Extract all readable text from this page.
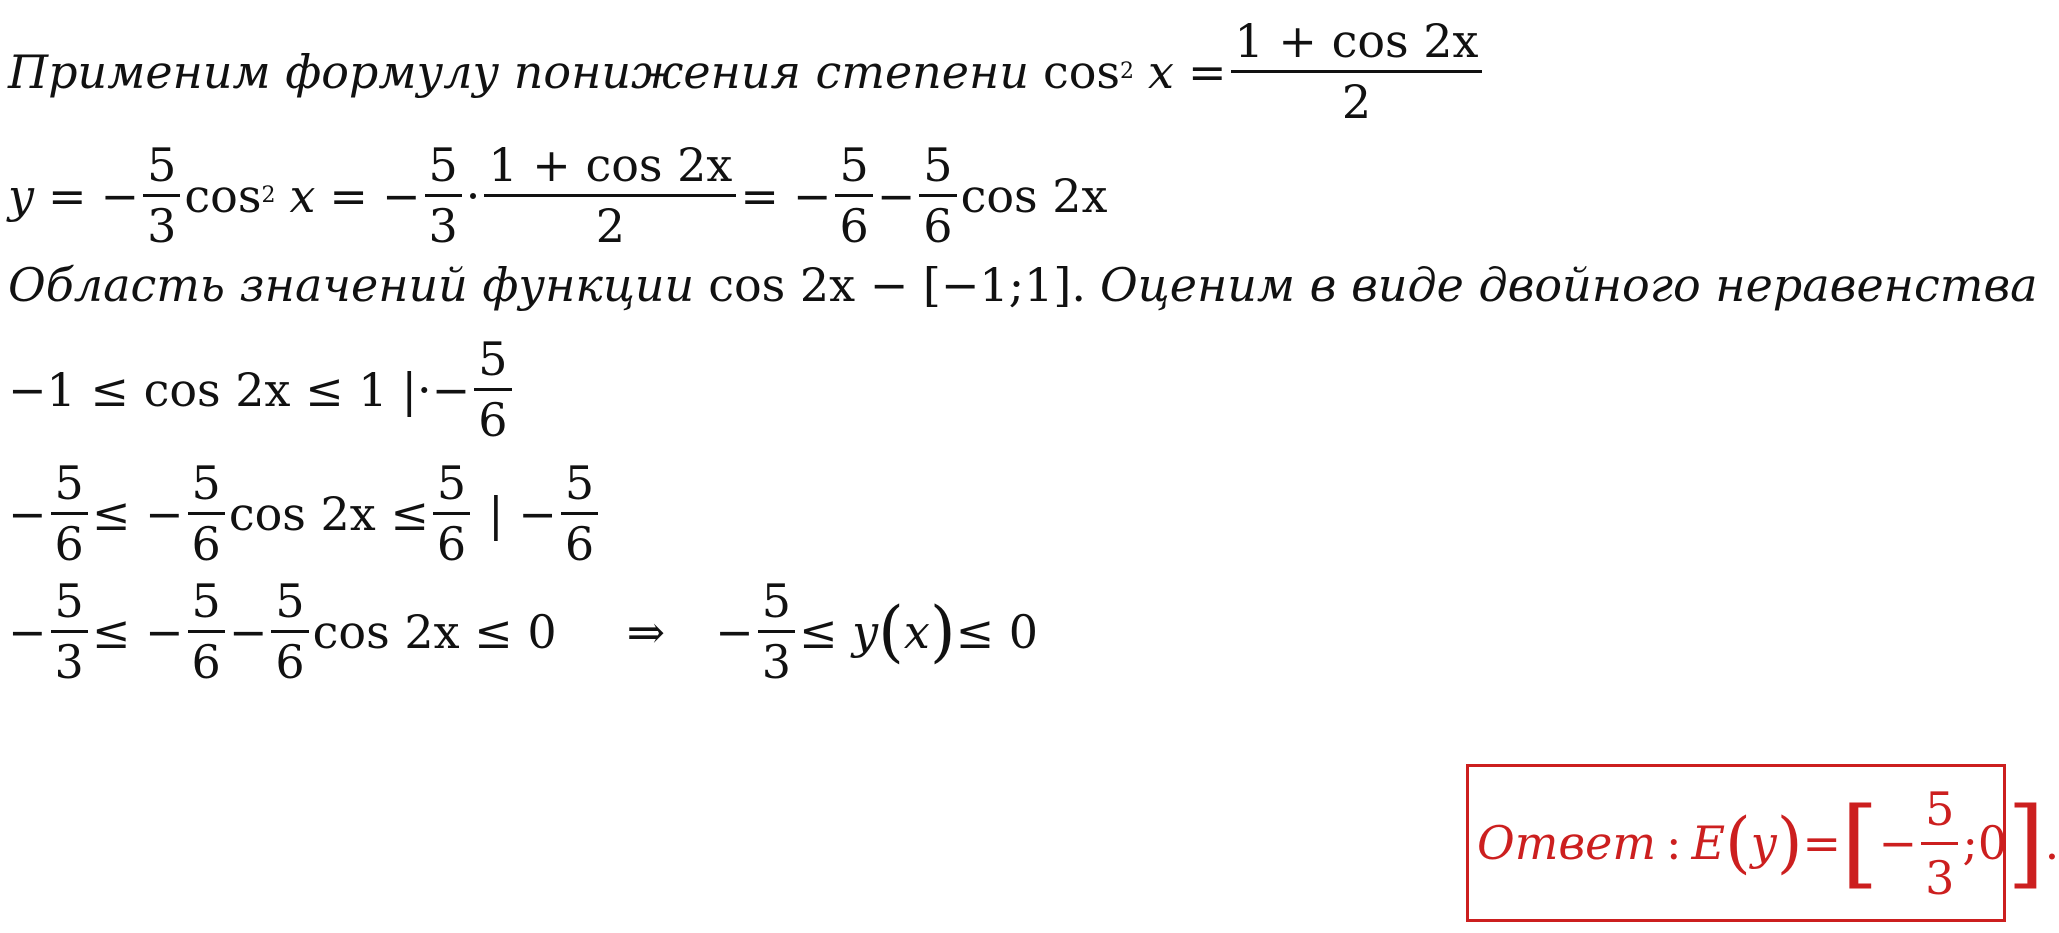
Применим формулу понижения степени cos 2 $x = \frac{1 + \cos 2x}{2}$
y = − $\frac{5}{3}$ cos 2 x = − $\frac{5}{3} \cdot \frac{1 + \cos 2x}{2}$ = − $\frac{5}{6} - \frac{5}{6}$ cos 2x
Область значений функции cos 2x − [−1;1]. Оценим в виде двойного неравенства
−1 ≤ cos 2x ≤ 1 |·− $\frac{5}{6}$
− $\frac{5}{6}$ ≤ − $\frac{5}{6}$ $\cos 2x \le \frac{5}{6}$ | − $\frac{5}{6}$
− $\frac{5}{3}$ ≤ − $\frac{5}{6} - \frac{5}{6}$ cos 2x ≤ 0 ⇒ − $\frac{5}{3} \le y$ ( x ) ≤ 0
Ответ : E ( y ) = [ − $\frac{5}{3}$ ;0 ] .
